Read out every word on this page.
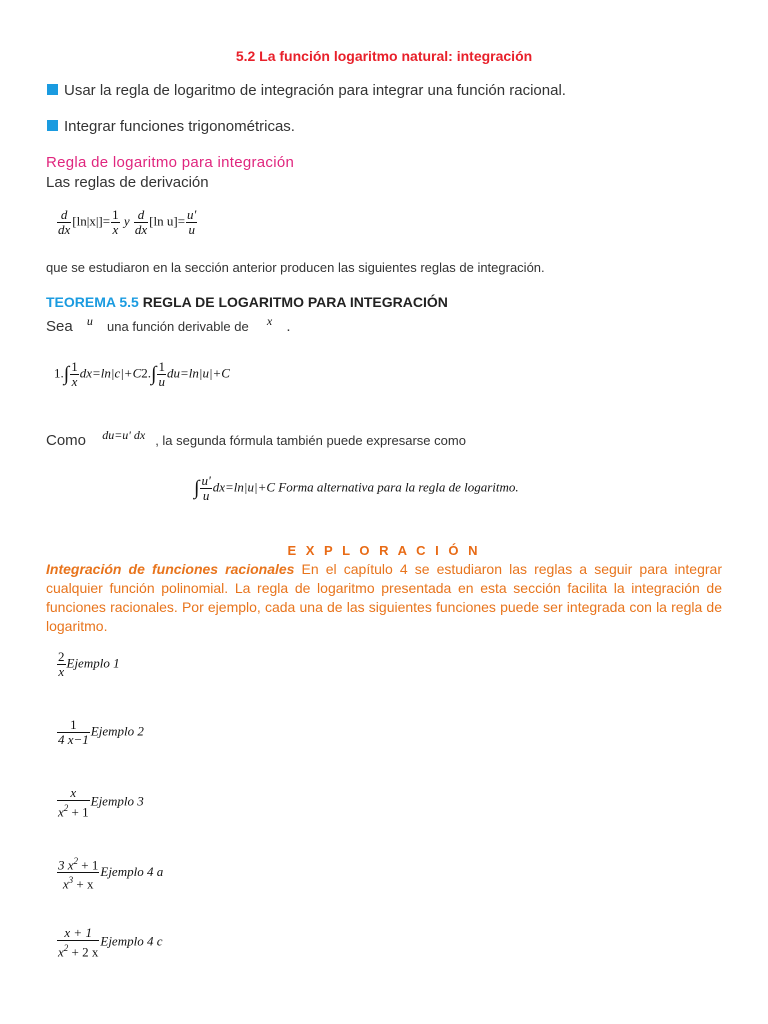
5.2 La función logaritmo natural: integración
Usar la regla de logaritmo de integración para integrar una función racional.
Integrar funciones trigonométricas.
Regla de logaritmo para integración
Las reglas de derivación
$\frac{d}{dx} [\ln|x|]= \frac{1}{x}$ y $\frac{d}{dx} [\ln$ $u]= \frac{u'}{u}$
que se estudiaron en la sección anterior producen las siguientes reglas de integración.
TEOREMA 5.5 REGLA DE LOGARITMO PARA INTEGRACIÓN
Sea $^u$ una función derivable de $^x$ .
$1.\int \frac{1}{x} dx=\ln|c|+C2.\int \frac{1}{u} du=\ln|u|+C$
Como $^{du=u' dx}$ , la segunda fórmula también puede expresarse como
∫ $\frac{u'}{u} dx=\ln|u|+C$ Forma alternativa para la regla de logaritmo.
E X P L O R A C I Ó N
Integración de funciones racionales En el capítulo 4 se estudiaron las reglas a seguir para integrar cualquier función polinomial. La regla de logaritmo presentada en esta sección facilita la integración de funciones racionales. Por ejemplo, cada una de las siguientes funciones puede ser integrada con la regla de logaritmo.
$\frac{2}{x}$ Ejemplo 1
$\frac{1}{4 x-1}$ Ejemplo 2
$\frac{x}{x^2 + 1}$ Ejemplo 3
$\frac{3 x^2 + 1}{x^3 + x}$ Ejemplo 4 a
$\frac{x + 1}{x^2 + 2 x}$ Ejemplo 4 c
